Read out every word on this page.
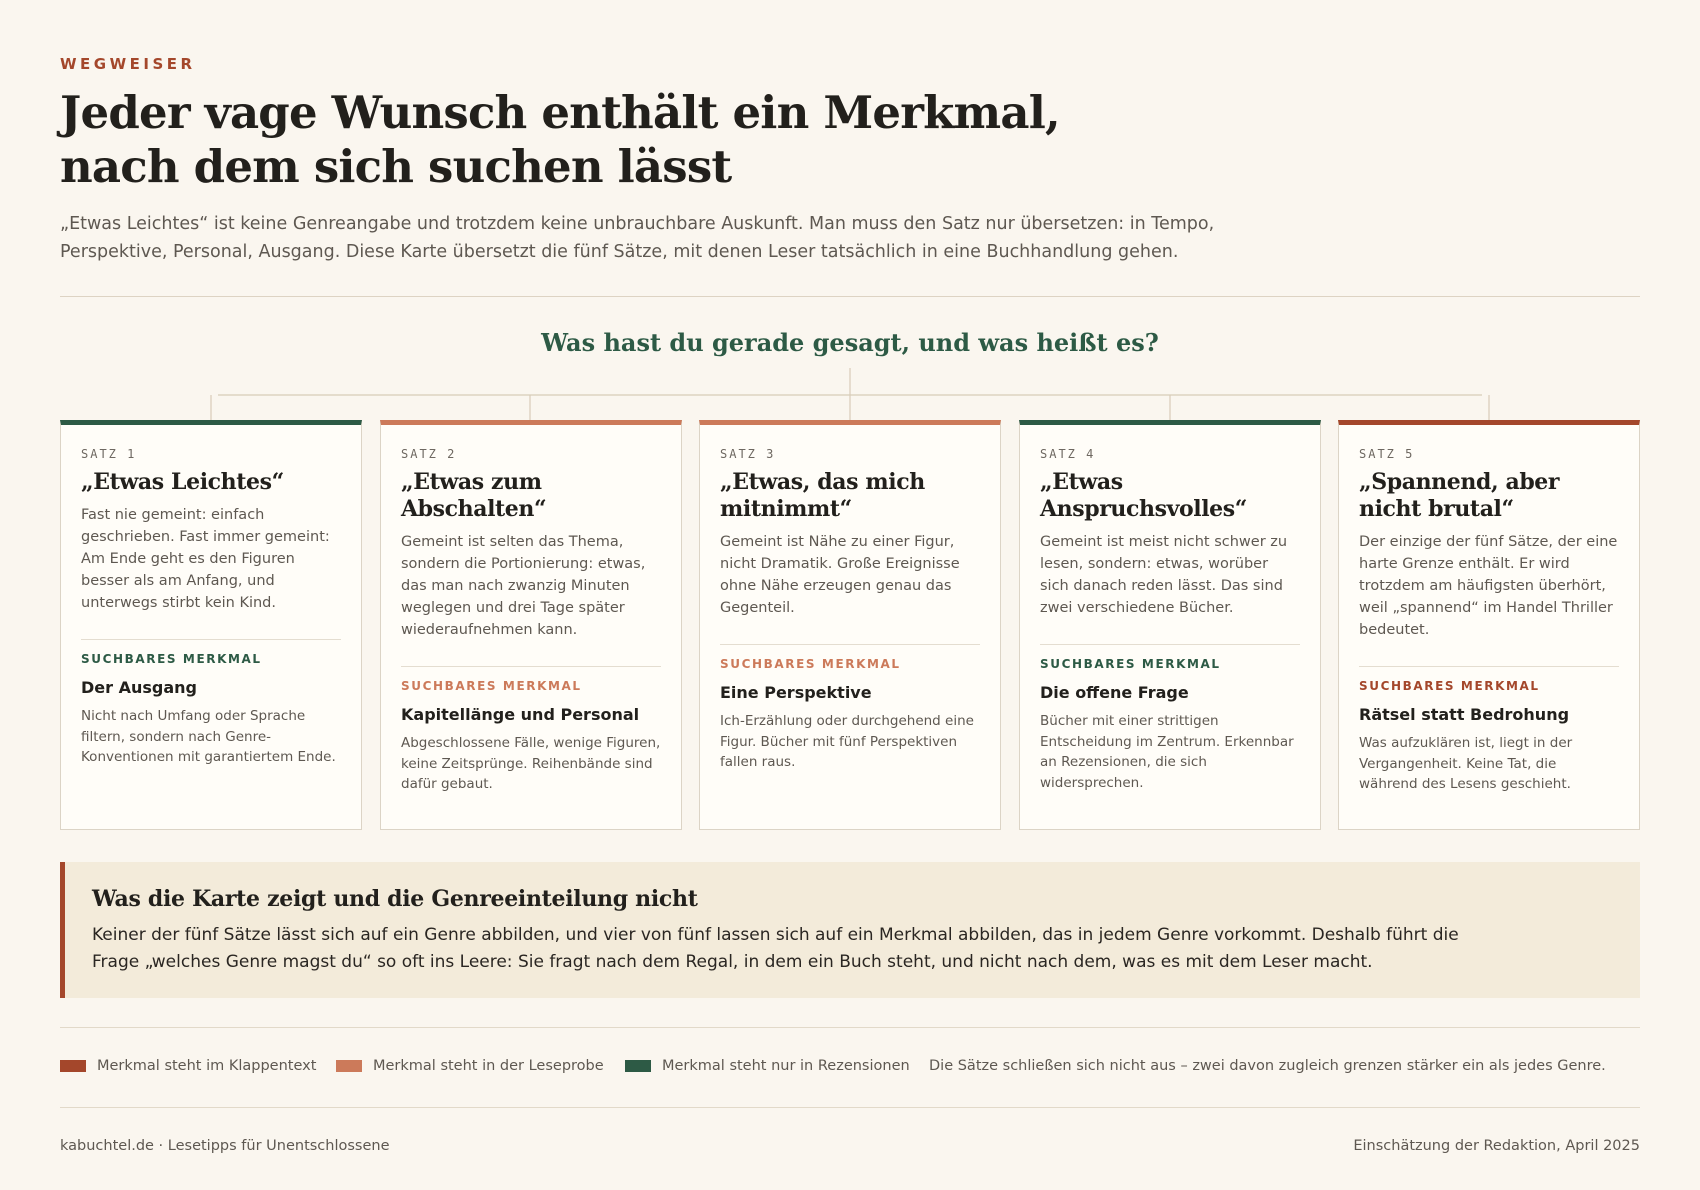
WEGWEISER
Jeder vage Wunsch enthält ein Merkmal,
nach dem sich suchen lässt

„Etwas Leichtes“ ist keine Genreangabe und trotzdem keine unbrauchbare Auskunft. Man muss den Satz nur übersetzen: in Tempo, Perspektive, Personal, Ausgang. Diese Karte übersetzt die fünf Sätze, mit denen Leser tatsächlich in eine Buchhandlung gehen.

Was hast du gerade gesagt, und was heißt es?
SATZ 1
„Etwas Leichtes“
Fast nie gemeint: einfach geschrieben. Fast immer gemeint: Am Ende geht es den Figuren besser als am Anfang, und unterwegs stirbt kein Kind.
SUCHBARES MERKMAL
Der Ausgang
Nicht nach Umfang oder Sprache filtern, sondern nach Genre-Konventionen mit garantiertem Ende.
SATZ 2
„Etwas zum Abschalten“
Gemeint ist selten das Thema, sondern die Portionierung: etwas, das man nach zwanzig Minuten weglegen und drei Tage später wiederaufnehmen kann.
SUCHBARES MERKMAL
Kapitellänge und Personal
Abgeschlossene Fälle, wenige Figuren, keine Zeitsprünge. Reihenbände sind dafür gebaut.
SATZ 3
„Etwas, das mich mitnimmt“
Gemeint ist Nähe zu einer Figur, nicht Dramatik. Große Ereignisse ohne Nähe erzeugen genau das Gegenteil.
SUCHBARES MERKMAL
Eine Perspektive
Ich-Erzählung oder durchgehend eine Figur. Bücher mit fünf Perspektiven fallen raus.
SATZ 4
„Etwas Anspruchsvolles“
Gemeint ist meist nicht schwer zu lesen, sondern: etwas, worüber sich danach reden lässt. Das sind zwei verschiedene Bücher.
SUCHBARES MERKMAL
Die offene Frage
Bücher mit einer strittigen Entscheidung im Zentrum. Erkennbar an Rezensionen, die sich widersprechen.
SATZ 5
„Spannend, aber nicht brutal“
Der einzige der fünf Sätze, der eine harte Grenze enthält. Er wird trotzdem am häufigsten überhört, weil „spannend“ im Handel Thriller bedeutet.
SUCHBARES MERKMAL
Rätsel statt Bedrohung
Was aufzuklären ist, liegt in der Vergangenheit. Keine Tat, die während des Lesens geschieht.
Was die Karte zeigt und die Genreeinteilung nicht

Keiner der fünf Sätze lässt sich auf ein Genre abbilden, und vier von fünf lassen sich auf ein Merkmal abbilden, das in jedem Genre vorkommt. Deshalb führt die Frage „welches Genre magst du“ so oft ins Leere: Sie fragt nach dem Regal, in dem ein Buch steht, und nicht nach dem, was es mit dem Leser macht.

Merkmal steht im Klappentext	Merkmal steht in der Leseprobe	Merkmal steht nur in Rezensionen Die Sätze schließen sich nicht aus – zwei davon zugleich grenzen stärker ein als jedes Genre.
kabuchtel.de · Lesetipps für Unentschlossene	Einschätzung der Redaktion, April 2025
